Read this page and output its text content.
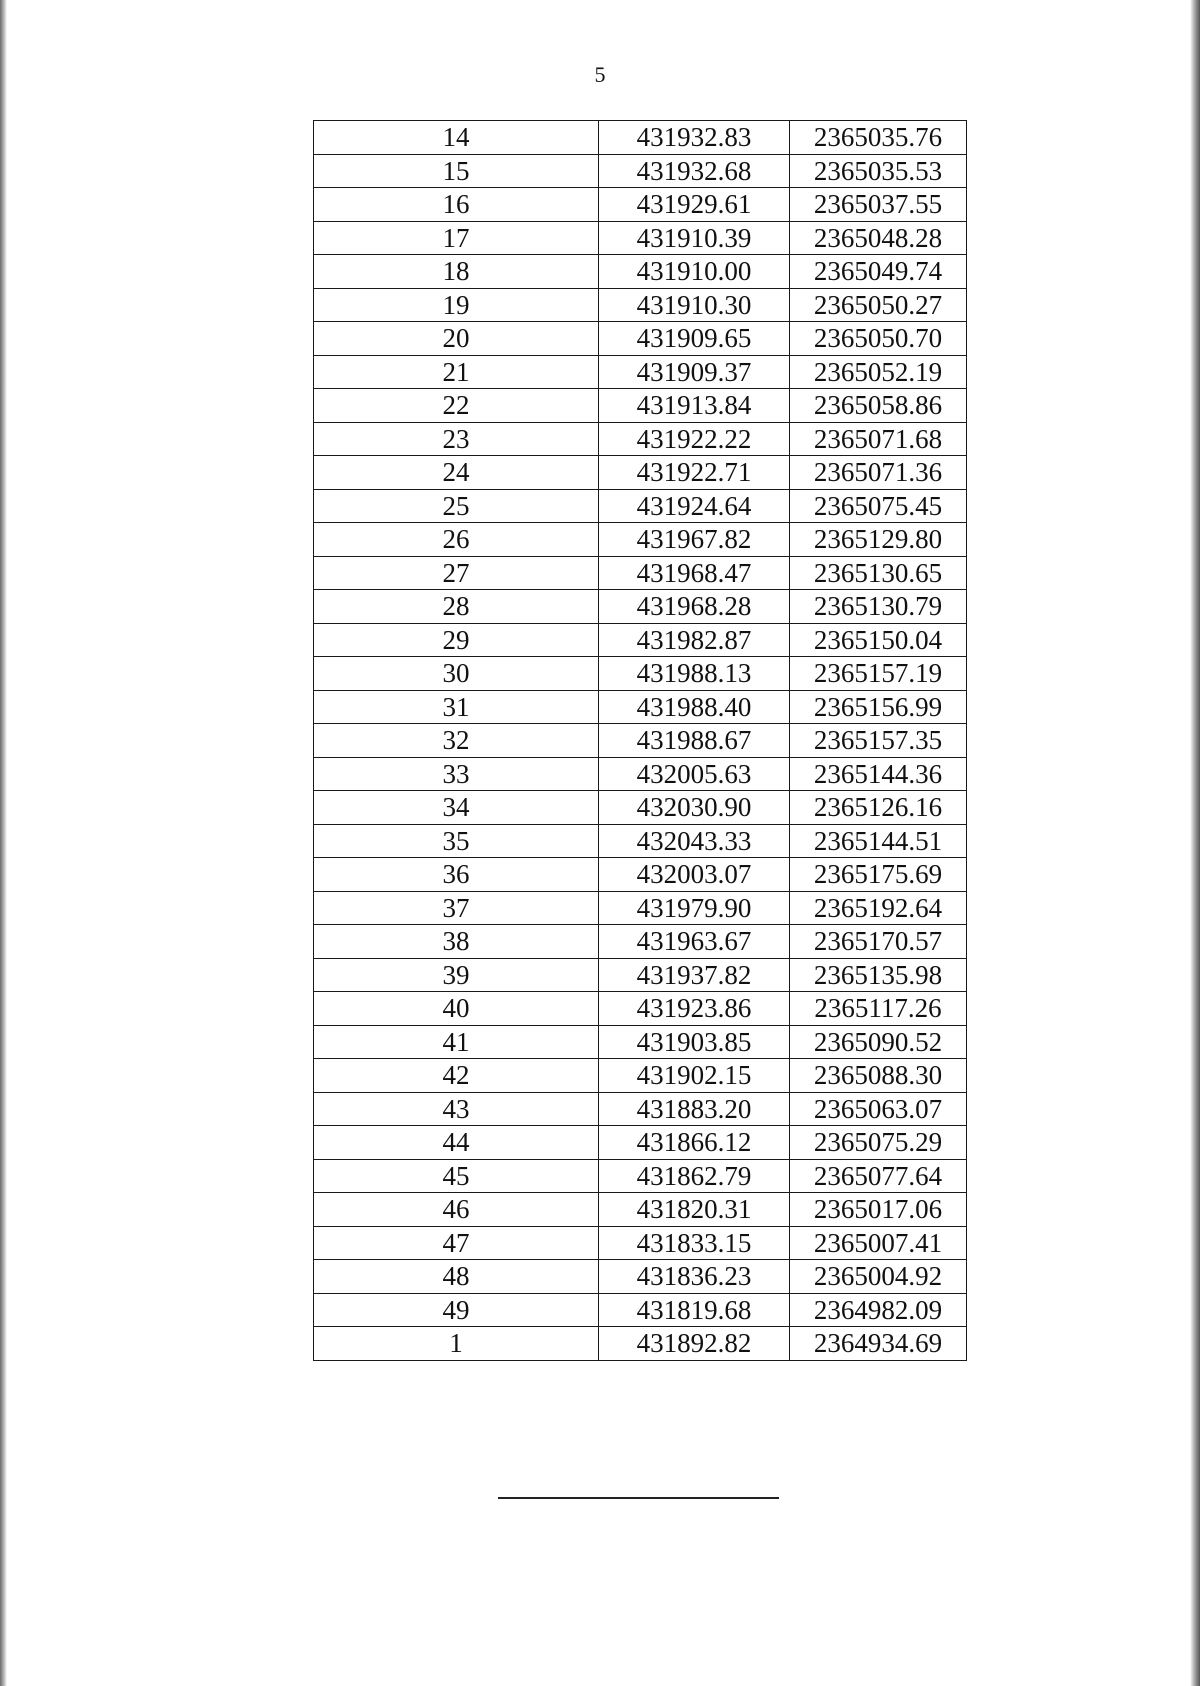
5
14	431932.83	2365035.76
15	431932.68	2365035.53
16	431929.61	2365037.55
17	431910.39	2365048.28
18	431910.00	2365049.74
19	431910.30	2365050.27
20	431909.65	2365050.70
21	431909.37	2365052.19
22	431913.84	2365058.86
23	431922.22	2365071.68
24	431922.71	2365071.36
25	431924.64	2365075.45
26	431967.82	2365129.80
27	431968.47	2365130.65
28	431968.28	2365130.79
29	431982.87	2365150.04
30	431988.13	2365157.19
31	431988.40	2365156.99
32	431988.67	2365157.35
33	432005.63	2365144.36
34	432030.90	2365126.16
35	432043.33	2365144.51
36	432003.07	2365175.69
37	431979.90	2365192.64
38	431963.67	2365170.57
39	431937.82	2365135.98
40	431923.86	2365117.26
41	431903.85	2365090.52
42	431902.15	2365088.30
43	431883.20	2365063.07
44	431866.12	2365075.29
45	431862.79	2365077.64
46	431820.31	2365017.06
47	431833.15	2365007.41
48	431836.23	2365004.92
49	431819.68	2364982.09
1	431892.82	2364934.69
